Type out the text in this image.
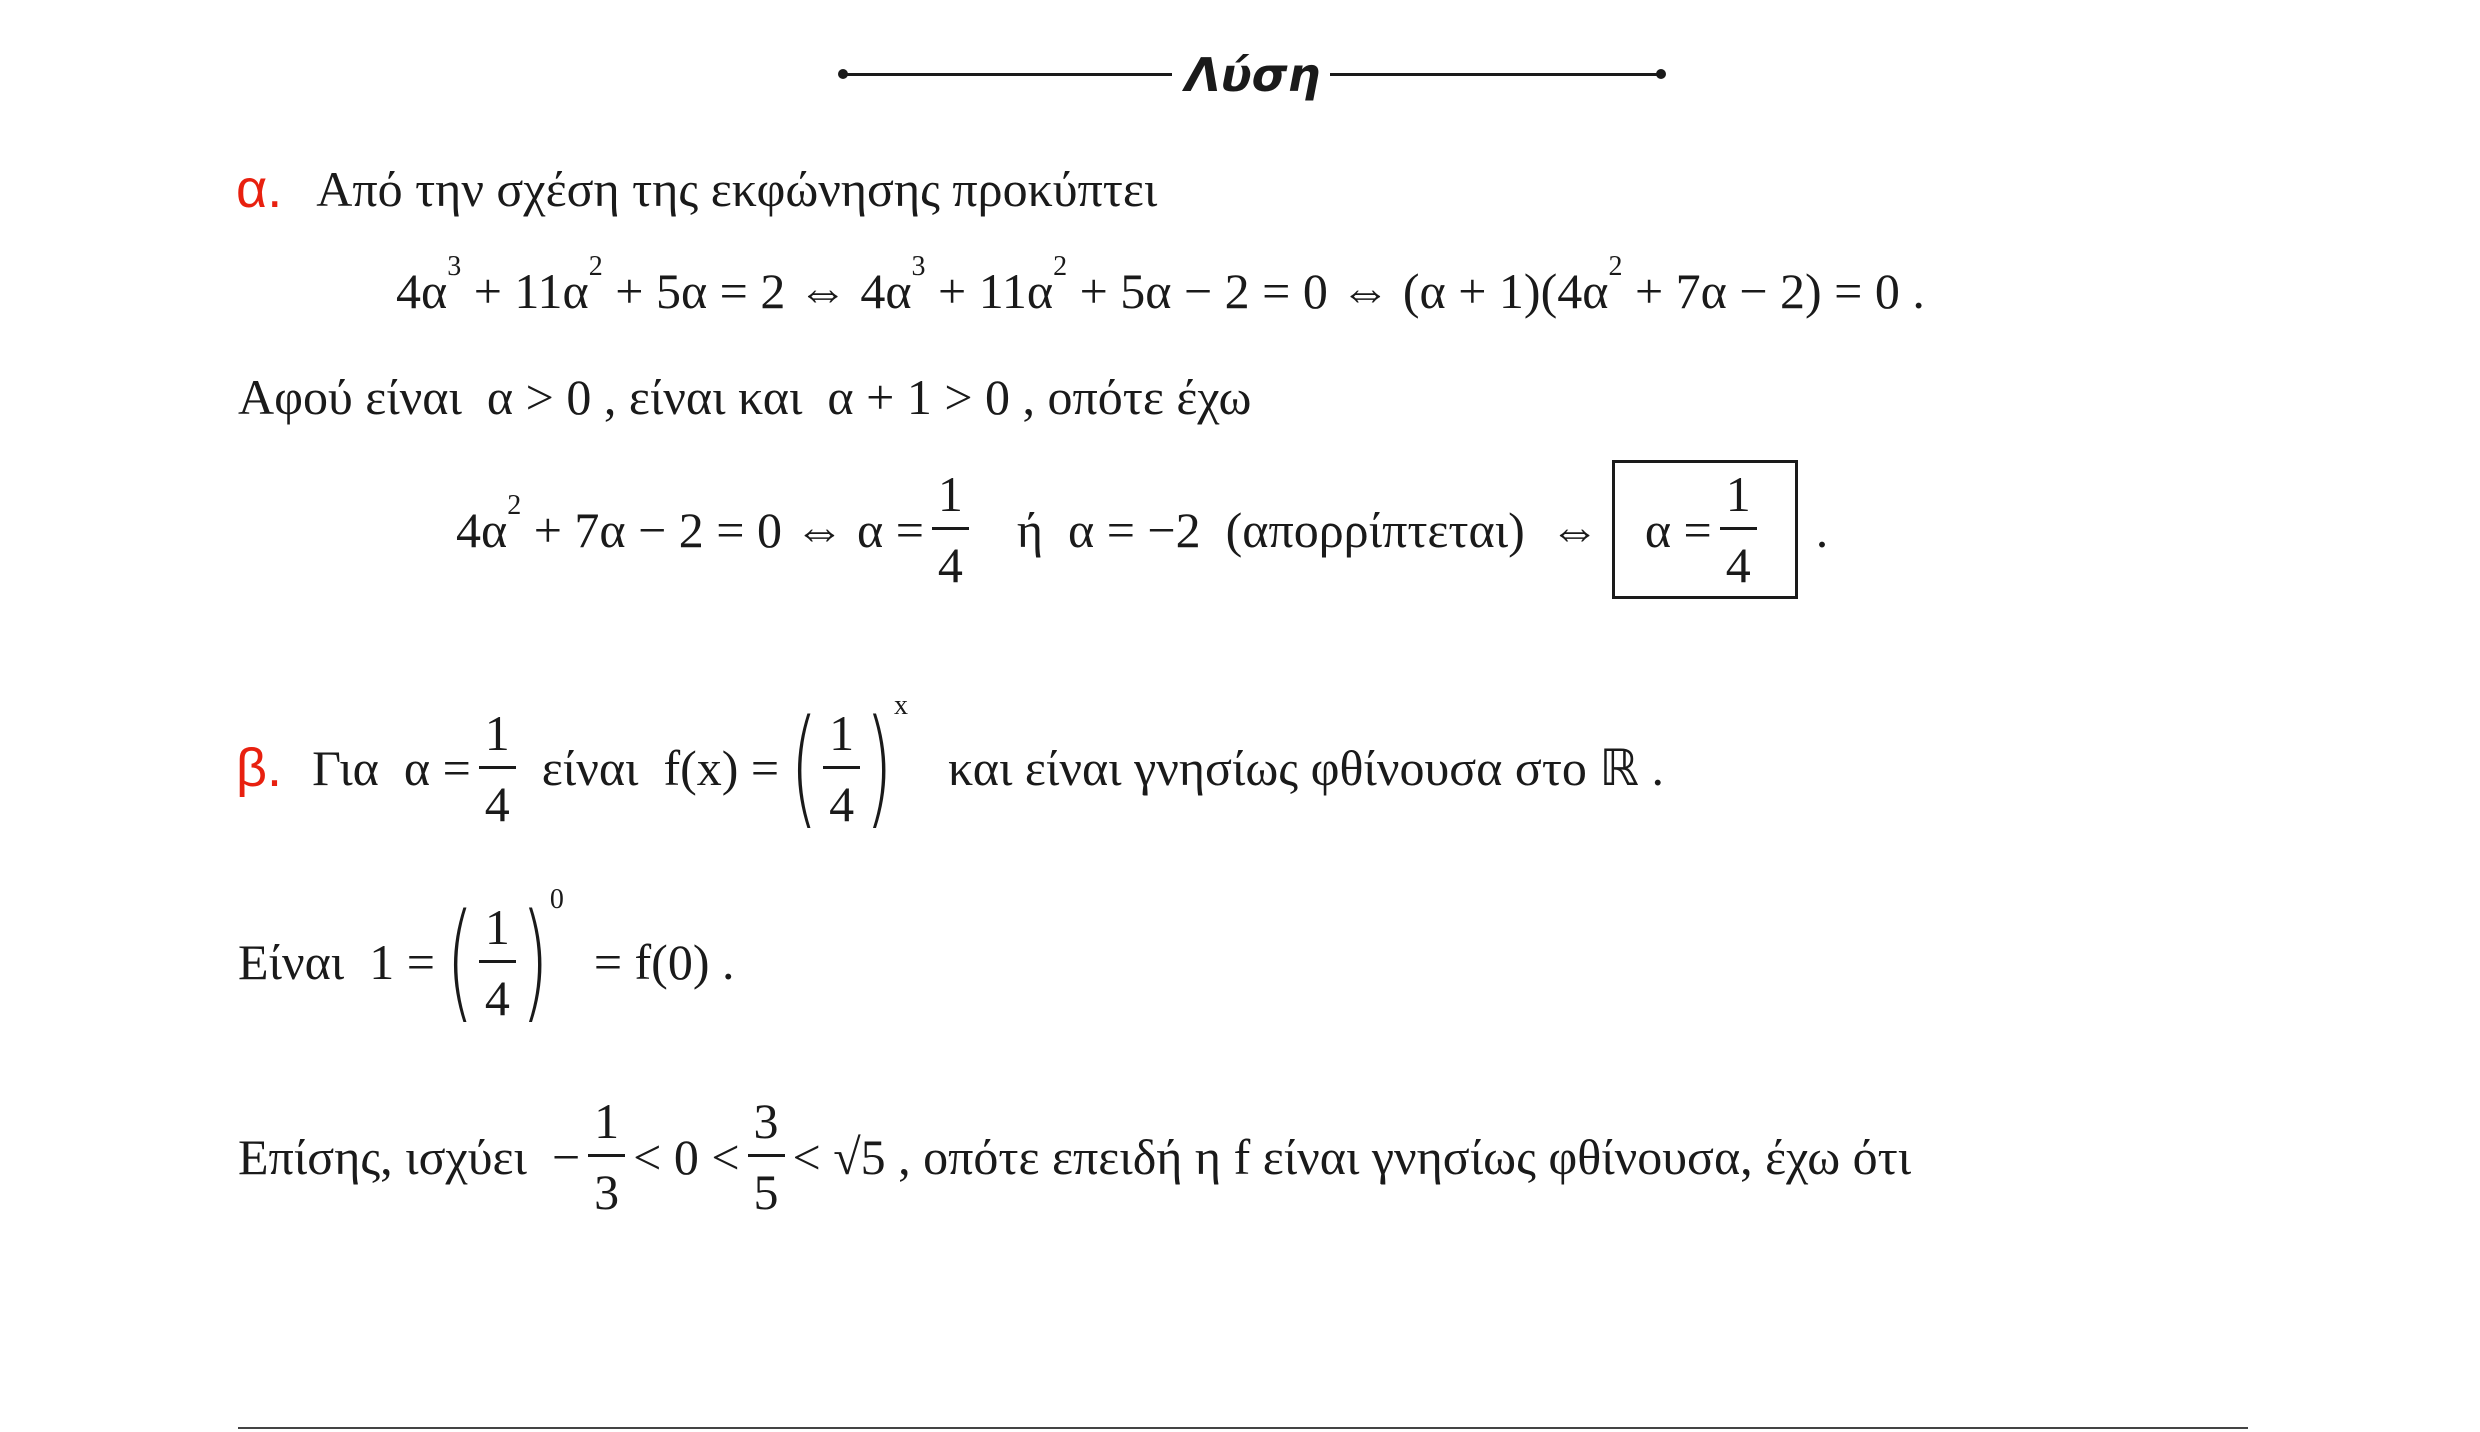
Λύση
α. Από την σχέση της εκφώνησης προκύπτει
4α 3 + 11α 2 + 5α = 2 ⇔ 4α 3 + 11α 2 + 5α − 2 = 0 ⇔ (α + 1)(4α 2 + 7α − 2) = 0 .
Αφού είναι  α > 0 , είναι και  α + 1 > 0 , οπότε έχω
4α 2 + 7α − 2 = 0 ⇔ $\alpha = \frac{1}{4}$ ή  α = −2  (απορρίπτεται)  ⇔ $\alpha = \frac{1}{4}$ .
β. Για  $\alpha = \frac{1}{4}$ είναι  f(x) = ( $\frac{1}{4}$ ) x
και είναι γνησίως φθίνουσα στο ℝ .
Είναι  1 = ( $\frac{1}{4}$ ) 0
= f(0) .
Επίσης, $\iota\sigma\chi ύ\varepsilon\iota - \frac{1}{3} < 0 < \frac{3}{5} < √5$ , οπότε επειδή η f είναι γνησίως φθίνουσα, έχω ότι
